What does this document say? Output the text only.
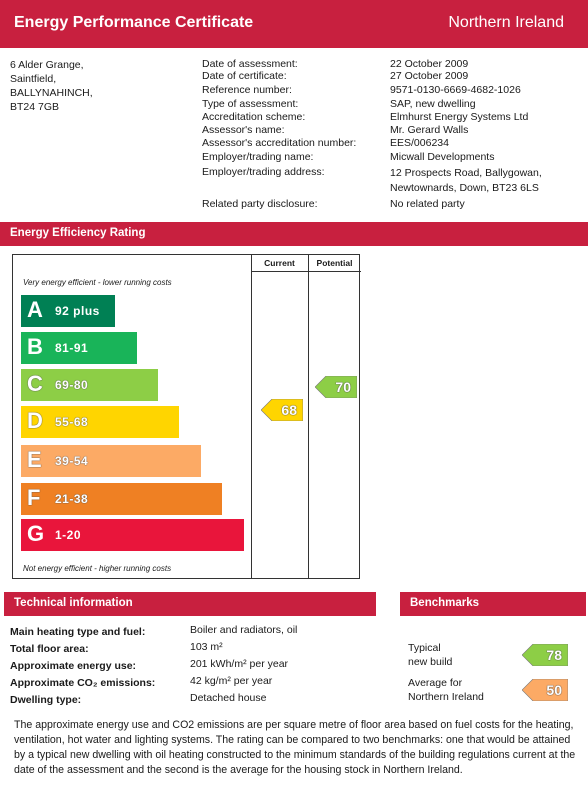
Energy Performance Certificate	Northern Ireland
6 Alder Grange,
Saintfield,
BALLYNAHINCH,
BT24 7GB
Date of assessment:	22 October 2009
Date of certificate:	27 October 2009
Reference number:	9571-0130-6669-4682-1026
Type of assessment:	SAP, new dwelling
Accreditation scheme:	Elmhurst Energy Systems Ltd
Assessor's name:	Mr. Gerard Walls
Assessor's accreditation number:	EES/006234
Employer/trading name:	Micwall Developments
Employer/trading address:	12 Prospects Road, Ballygowan, Newtownards, Down, BT23 6LS
Related party disclosure:	No related party
Energy Efficiency Rating
Current	Potential
Very energy efficient - lower running costs
A 92 plus
B 81-91
C 69-80
D 55-68
E 39-54
F 21-38
G 1-20
68
70
Not energy efficient - higher running costs
Technical information
Main heating type and fuel:	Boiler and radiators, oil
Total floor area:	103 m²
Approximate energy use:	201 kWh/m² per year
Approximate CO₂ emissions:	42 kg/m² per year
Dwelling type:	Detached house
Benchmarks
Typical
new build	78
Average for
Northern Ireland	50
The approximate energy use and CO2 emissions are per square metre of floor area based on fuel costs for the heating, ventilation, hot water and lighting systems. The rating can be compared to two benchmarks: one that would be attained by a typical new dwelling with oil heating constructed to the minimum standards of the building regulations current at the date of the assessment and the second is the average for the housing stock in Northern Ireland.
